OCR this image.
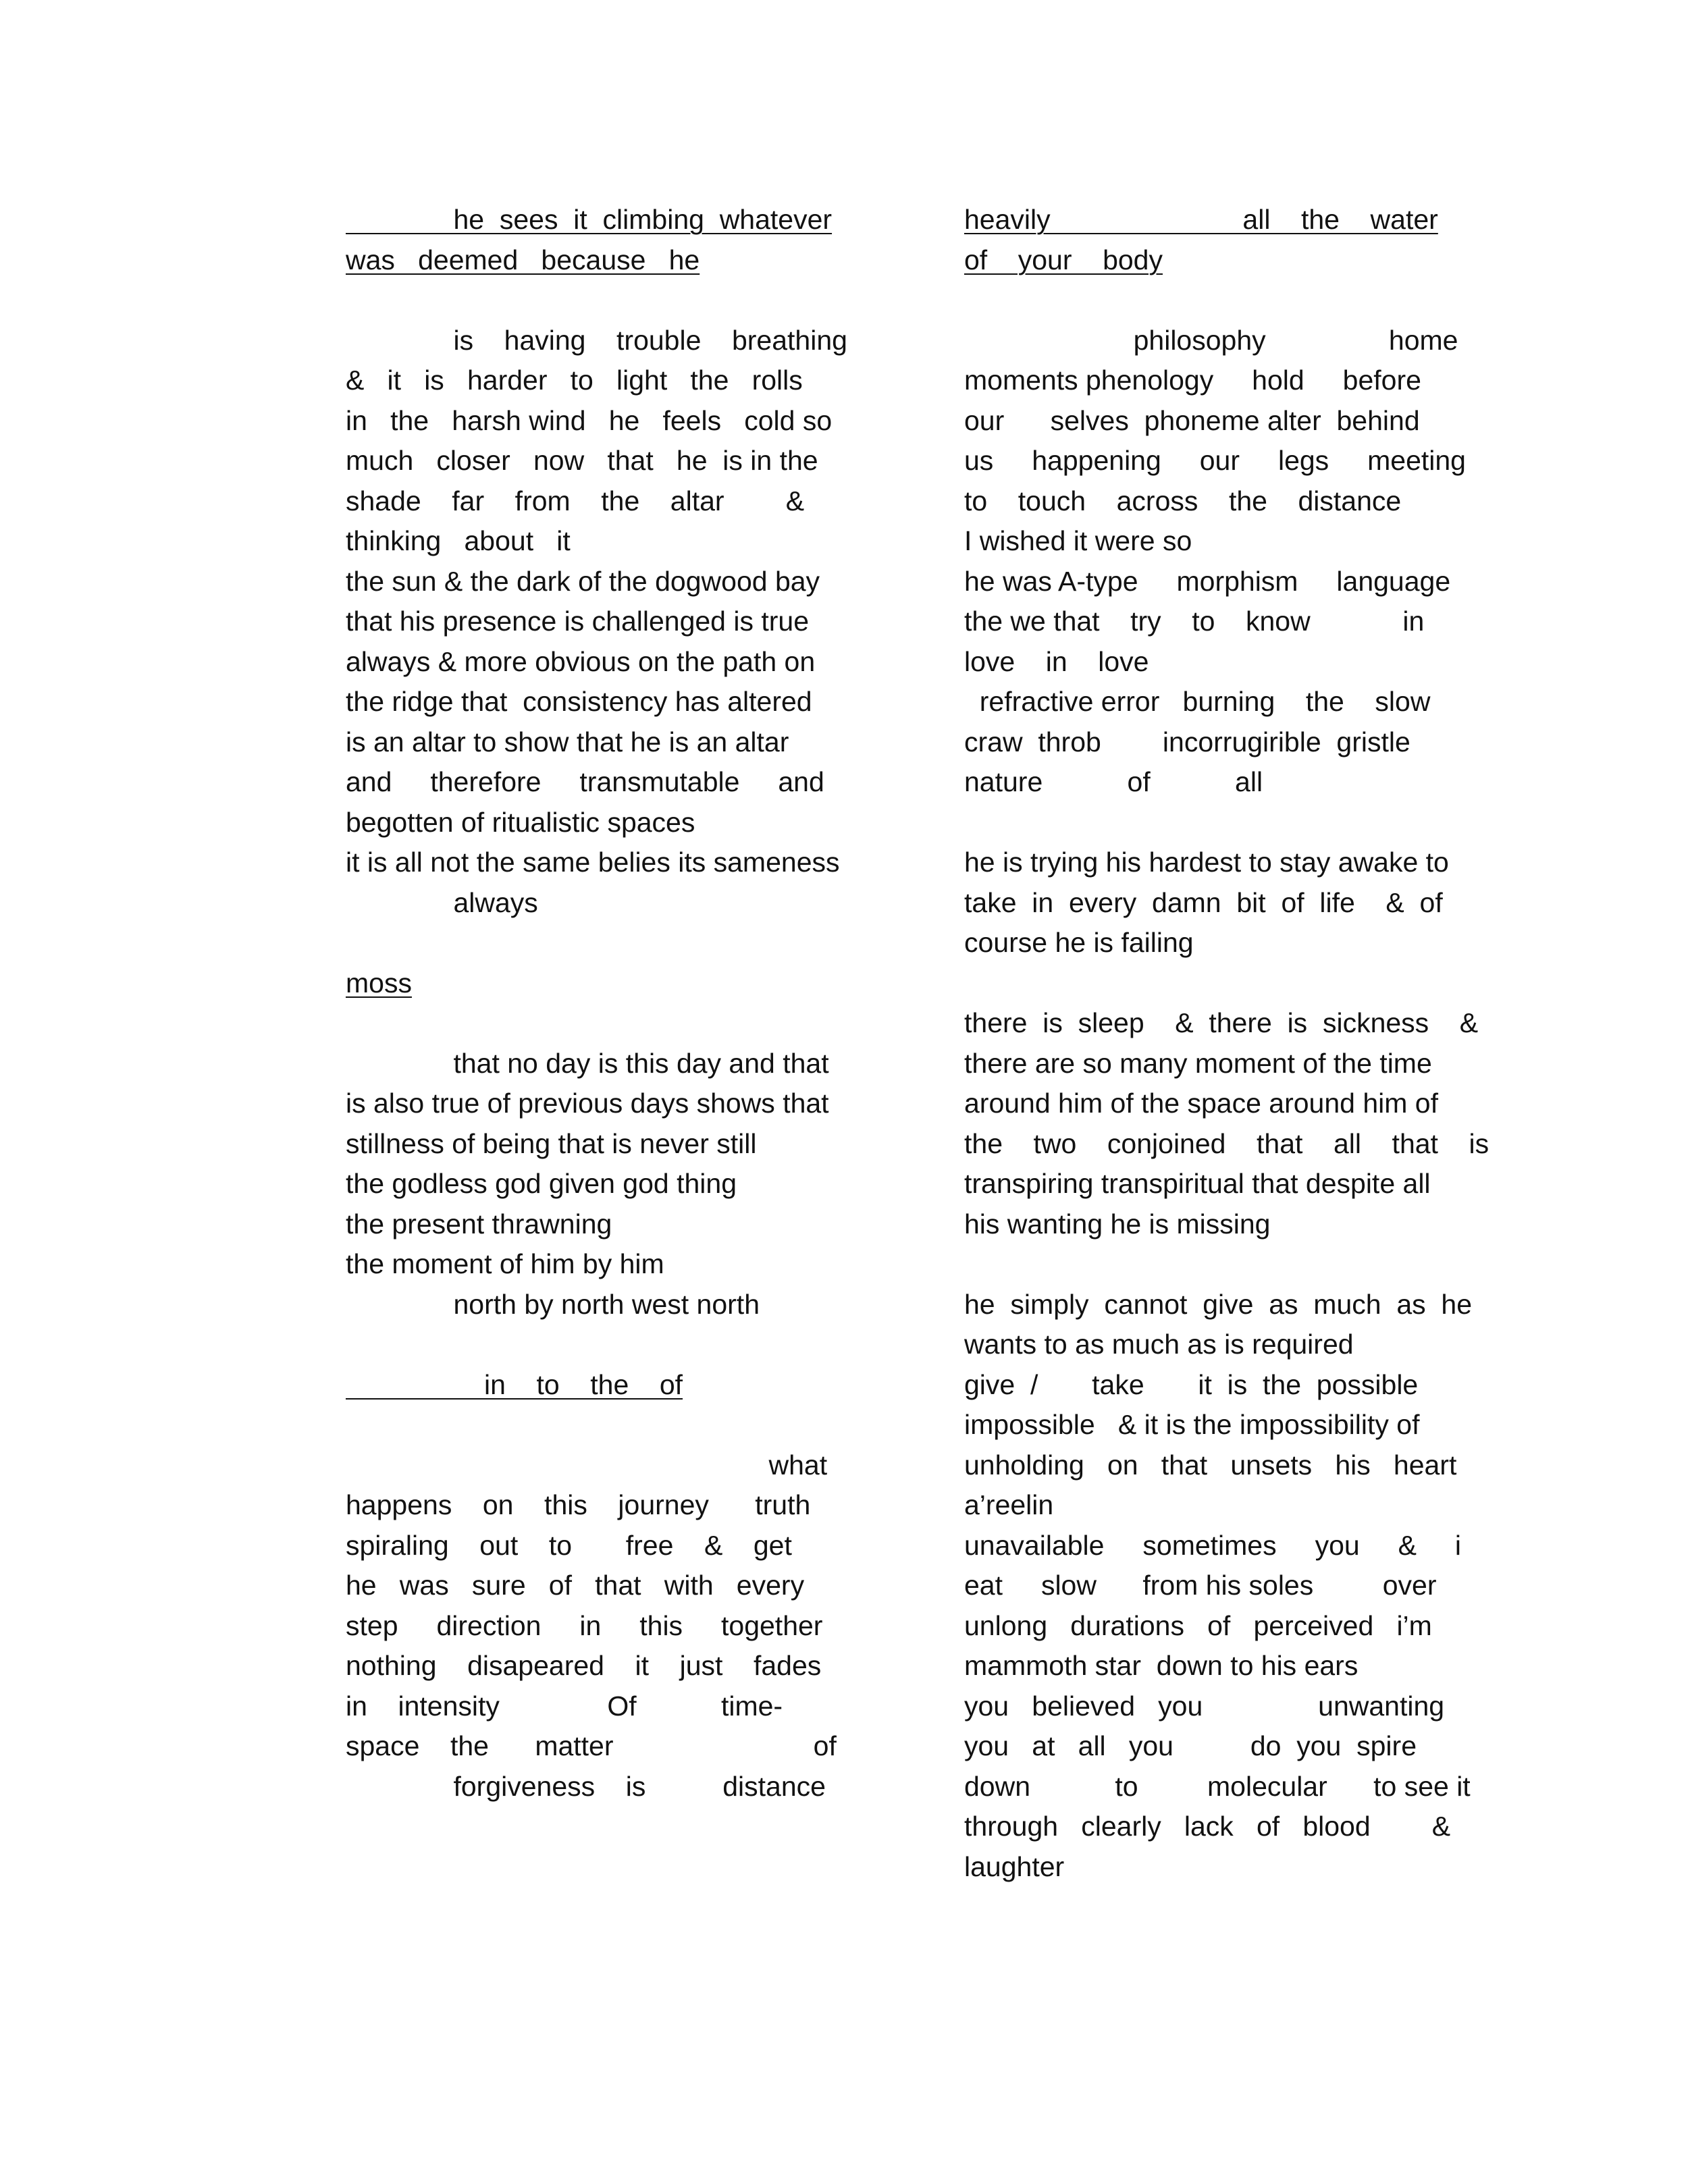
he  sees  it  climbing  whatever
was   deemed   because   he
is    having    trouble    breathing
&   it   is   harder   to   light   the   rolls
in   the   harsh wind   he   feels   cold so
much   closer   now   that   he  is in the
shade    far    from    the    altar        &
thinking   about   it
the sun & the dark of the dogwood bay
that his presence is challenged is true
always & more obvious on the path on
the ridge that  consistency has altered
is an altar to show that he is an altar
and     therefore     transmutable     and
begotten of ritualistic spaces
it is all not the same belies its sameness
always
moss
that no day is this day and that
is also true of previous days shows that
stillness of being that is never still
the godless god given god thing
the present thrawning
the moment of him by him
north by north west north
in    to    the    of
what
happens    on    this    journey      truth
spiraling    out    to       free    &    get
he   was   sure   of   that   with   every
step     direction     in     this     together
nothing    disapeared    it    just    fades
in    intensity              Of           time-
space    the      matter                          of
forgiveness    is          distance
heavily                         all    the    water
of    your    body
philosophy                home
moments phenology     hold     before
our      selves  phoneme alter  behind
us     happening     our     legs     meeting
to    touch    across    the    distance
I wished it were so
he was A-type     morphism     language
the we that    try    to    know            in
love    in    love
refractive error   burning    the    slow
craw  throb        incorrugirible  gristle
nature           of           all
he is trying his hardest to stay awake to
take  in  every  damn  bit  of  life    &  of
course he is failing
there  is  sleep    &  there  is  sickness    &
there are so many moment of the time
around him of the space around him of
the    two    conjoined    that    all    that    is
transpiring transpiritual that despite all
his wanting he is missing
he  simply  cannot  give  as  much  as  he
wants to as much as is required
give  /       take       it  is  the  possible
impossible   & it is the impossibility of
unholding   on   that   unsets   his   heart
a’reelin
unavailable     sometimes     you     &     i
eat     slow      from his soles         over
unlong   durations   of   perceived   i’m
mammoth star  down to his ears
you   believed   you               unwanting
you   at   all   you          do  you  spire
down           to         molecular      to see it
through   clearly   lack   of   blood        &
laughter
